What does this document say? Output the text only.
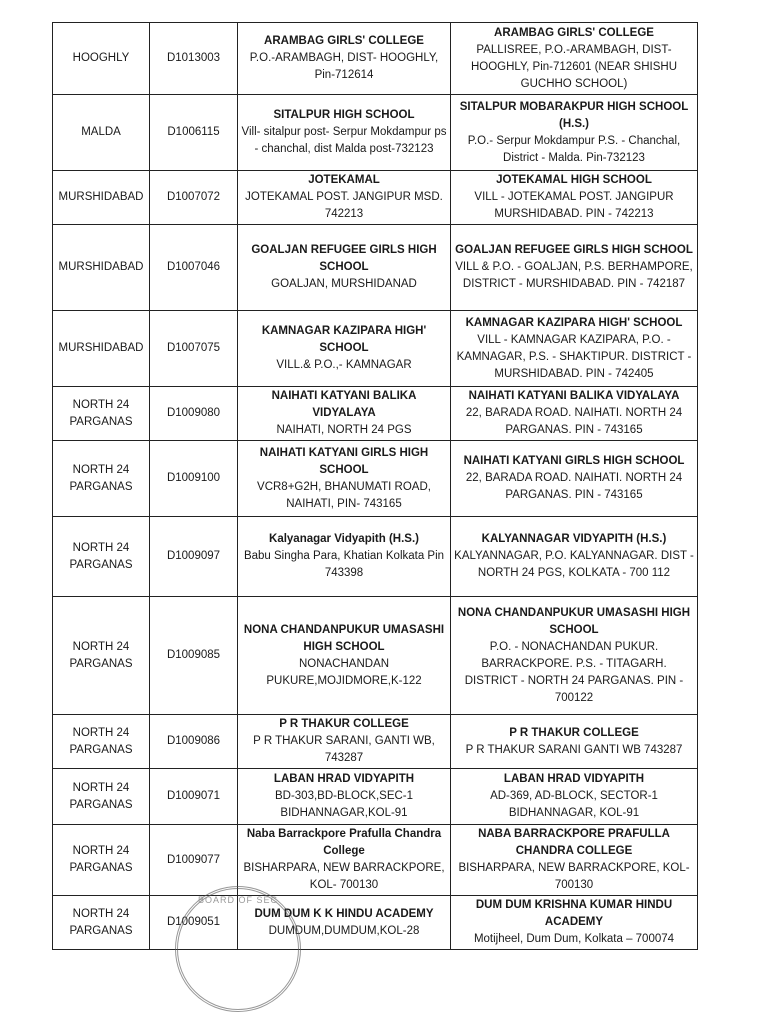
HOOGHLY	D1013003	ARAMBAG GIRLS' COLLEGE
P.O.-ARAMBAGH, DIST- HOOGHLY, Pin-712614	ARAMBAG GIRLS' COLLEGE
PALLISREE, P.O.-ARAMBAGH, DIST- HOOGHLY, Pin-712601 (NEAR SHISHU GUCHHO SCHOOL)

MALDA	D1006115	SITALPUR HIGH SCHOOL
Vill- sitalpur post- Serpur Mokdampur ps - chanchal, dist Malda post-732123	SITALPUR MOBARAKPUR HIGH SCHOOL (H.S.)
P.O.- Serpur Mokdampur P.S. - Chanchal, District - Malda. Pin-732123

MURSHIDABAD	D1007072	JOTEKAMAL
JOTEKAMAL POST. JANGIPUR MSD. 742213	JOTEKAMAL HIGH SCHOOL
VILL - JOTEKAMAL POST. JANGIPUR MURSHIDABAD. PIN - 742213

MURSHIDABAD	D1007046	GOALJAN REFUGEE GIRLS HIGH SCHOOL
GOALJAN, MURSHIDANAD	GOALJAN REFUGEE GIRLS HIGH SCHOOL
VILL & P.O. - GOALJAN, P.S. BERHAMPORE, DISTRICT - MURSHIDABAD. PIN - 742187

MURSHIDABAD	D1007075	KAMNAGAR KAZIPARA HIGH' SCHOOL
VILL.& P.O.,- KAMNAGAR	KAMNAGAR KAZIPARA HIGH' SCHOOL
VILL - KAMNAGAR KAZIPARA, P.O. - KAMNAGAR, P.S. - SHAKTIPUR. DISTRICT - MURSHIDABAD. PIN - 742405

NORTH 24 PARGANAS	D1009080	NAIHATI KATYANI BALIKA VIDYALAYA
NAIHATI, NORTH 24 PGS	NAIHATI KATYANI BALIKA VIDYALAYA
22, BARADA ROAD. NAIHATI. NORTH 24 PARGANAS. PIN - 743165

NORTH 24 PARGANAS	D1009100	NAIHATI KATYANI GIRLS HIGH SCHOOL
VCR8+G2H, BHANUMATI ROAD, NAIHATI, PIN- 743165	NAIHATI KATYANI GIRLS HIGH SCHOOL
22, BARADA ROAD. NAIHATI. NORTH 24 PARGANAS. PIN - 743165

NORTH 24 PARGANAS	D1009097	Kalyanagar Vidyapith (H.S.)
Babu Singha Para, Khatian Kolkata Pin 743398	KALYANNAGAR VIDYAPITH (H.S.)
KALYANNAGAR, P.O. KALYANNAGAR. DIST - NORTH 24 PGS, KOLKATA - 700 112

NORTH 24 PARGANAS	D1009085	NONA CHANDANPUKUR UMASASHI HIGH SCHOOL
NONACHANDAN PUKURE,MOJIDMORE,K-122	NONA CHANDANPUKUR UMASASHI HIGH SCHOOL
P.O. - NONACHANDAN PUKUR. BARRACKPORE. P.S. - TITAGARH. DISTRICT - NORTH 24 PARGANAS. PIN - 700122

NORTH 24 PARGANAS	D1009086	P R THAKUR COLLEGE
P R THAKUR SARANI, GANTI WB, 743287	P R THAKUR COLLEGE
P R THAKUR SARANI GANTI WB 743287

NORTH 24 PARGANAS	D1009071	LABAN HRAD VIDYAPITH
BD-303,BD-BLOCK,SEC-1 BIDHANNAGAR,KOL-91	LABAN HRAD VIDYAPITH
AD-369, AD-BLOCK, SECTOR-1 BIDHANNAGAR, KOL-91

NORTH 24 PARGANAS	D1009077	Naba Barrackpore Prafulla Chandra College
BISHARPARA, NEW BARRACKPORE, KOL- 700130	NABA BARRACKPORE PRAFULLA CHANDRA COLLEGE
BISHARPARA, NEW BARRACKPORE, KOL- 700130

NORTH 24 PARGANAS	D1009051	DUM DUM K K HINDU ACADEMY
DUMDUM,DUMDUM,KOL-28	DUM DUM KRISHNA KUMAR HINDU ACADEMY
Motijheel, Dum Dum, Kolkata – 700074
BOARD OF SEC
